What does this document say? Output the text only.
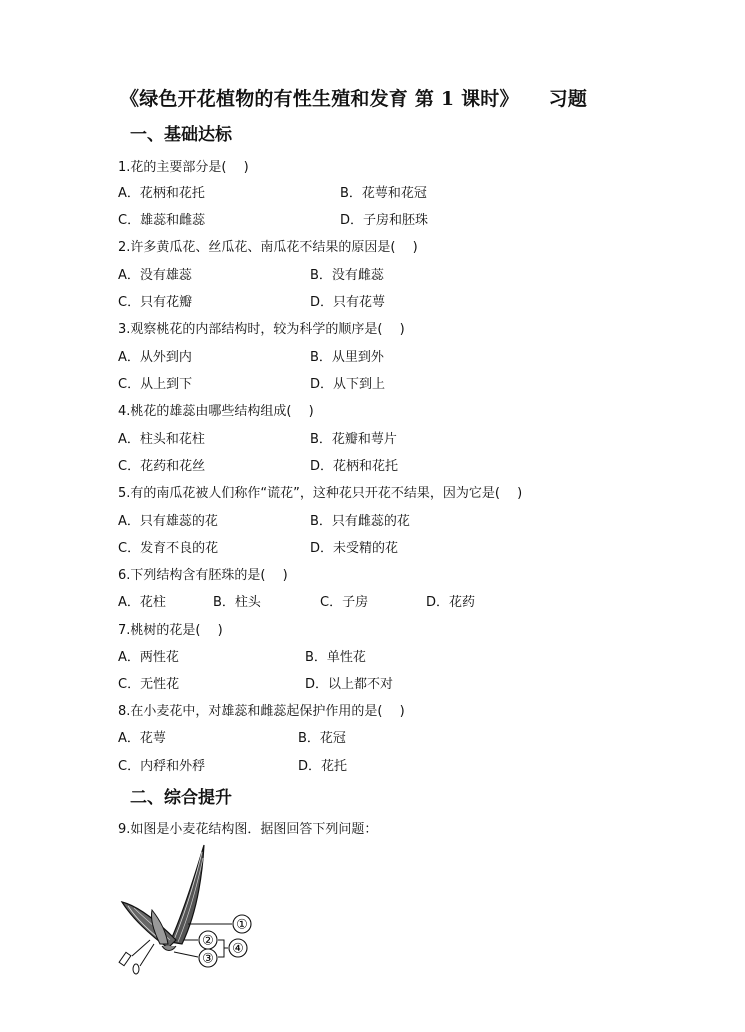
《绿色开花植物的有性生殖和发育 第 1 课时》 习题
一、基础达标
1.花的主要部分是(　 )
A．花柄和花托	B．花萼和花冠
C．雄蕊和雌蕊	D．子房和胚珠
2.许多黄瓜花、丝瓜花、南瓜花不结果的原因是(　 )
A．没有雄蕊	B．没有雌蕊
C．只有花瓣	D．只有花萼
3.观察桃花的内部结构时，较为科学的顺序是(　 )
A．从外到内	B．从里到外
C．从上到下	D．从下到上
4.桃花的雄蕊由哪些结构组成(　 )
A．柱头和花柱	B．花瓣和萼片
C．花药和花丝	D．花柄和花托
5.有的南瓜花被人们称作“谎花”，这种花只开花不结果，因为它是(　 )
A．只有雄蕊的花	B．只有雌蕊的花
C．发育不良的花	D．未受精的花
6.下列结构含有胚珠的是(　 )
A．花柱	B．柱头	C．子房	D．花药
7.桃树的花是(　 )
A．两性花	B．单性花
C．无性花	D．以上都不对
8.在小麦花中，对雄蕊和雌蕊起保护作用的是(　 )
A．花萼	B．花冠
C．内稃和外稃	D．花托
二、综合提升
9.如图是小麦花结构图．据图回答下列问题：
①
②
③
④
